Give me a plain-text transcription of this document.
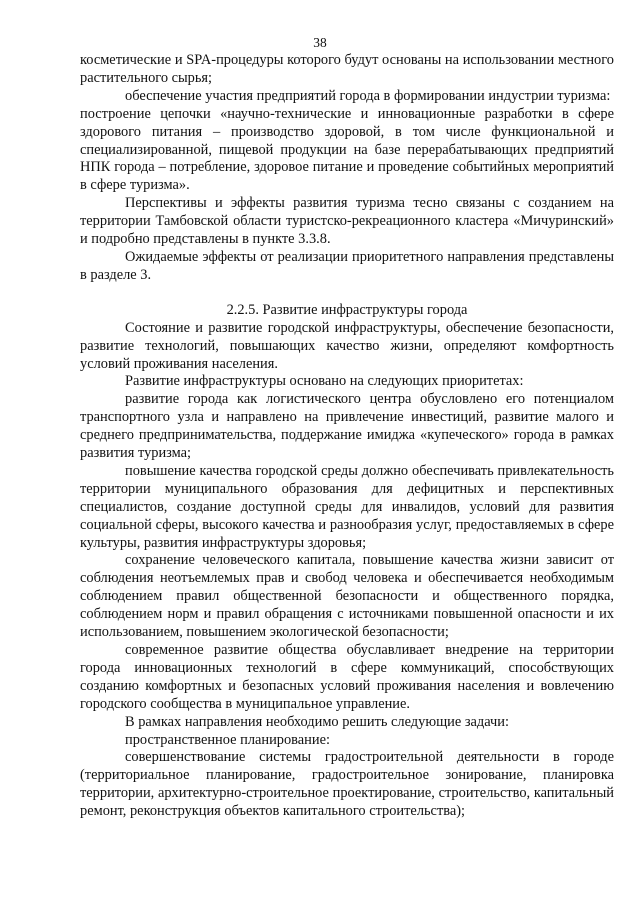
38

косметические и SPA-процедуры которого будут основаны на использовании местного растительного сырья;

обеспечение участия предприятий города в формировании индустрии туризма:

построение цепочки «научно-технические и инновационные разработки в сфере здорового питания – производство здоровой, в том числе функциональной и специализированной, пищевой продукции на базе перерабатывающих предприятий НПК города – потребление, здоровое питание и проведение событийных мероприятий в сфере туризма».

Перспективы и эффекты развития туризма тесно связаны с созданием на территории Тамбовской области туристско-рекреационного кластера «Мичуринский» и подробно представлены в пункте 3.3.8.

Ожидаемые эффекты от реализации приоритетного направления представлены в разделе 3.

2.2.5. Развитие инфраструктуры города

Состояние и развитие городской инфраструктуры, обеспечение безопасности, развитие технологий, повышающих качество жизни, определяют комфортность условий проживания населения.

Развитие инфраструктуры основано на следующих приоритетах:

развитие города как логистического центра обусловлено его потенциалом транспортного узла и направлено на привлечение инвестиций, развитие малого и среднего предпринимательства, поддержание имиджа «купеческого» города в рамках развития туризма;

повышение качества городской среды должно обеспечивать привлекательность территории муниципального образования для дефицитных и перспективных специалистов, создание доступной среды для инвалидов, условий для развития социальной сферы, высокого качества и разнообразия услуг, предоставляемых в сфере культуры, развития инфраструктуры здоровья;

сохранение человеческого капитала, повышение качества жизни зависит от соблюдения неотъемлемых прав и свобод человека и обеспечивается необходимым соблюдением правил общественной безопасности и общественного порядка, соблюдением норм и правил обращения с источниками повышенной опасности и их использованием, повышением экологической безопасности;

современное развитие общества обуславливает внедрение на территории города инновационных технологий в сфере коммуникаций, способствующих созданию комфортных и безопасных условий проживания населения и вовлечению городского сообщества в муниципальное управление.

В рамках направления необходимо решить следующие задачи:

пространственное планирование:

совершенствование системы градостроительной деятельности в городе (территориальное планирование, градостроительное зонирование, планировка территории, архитектурно-строительное проектирование, строительство, капитальный ремонт, реконструкция объектов капитального строительства);
